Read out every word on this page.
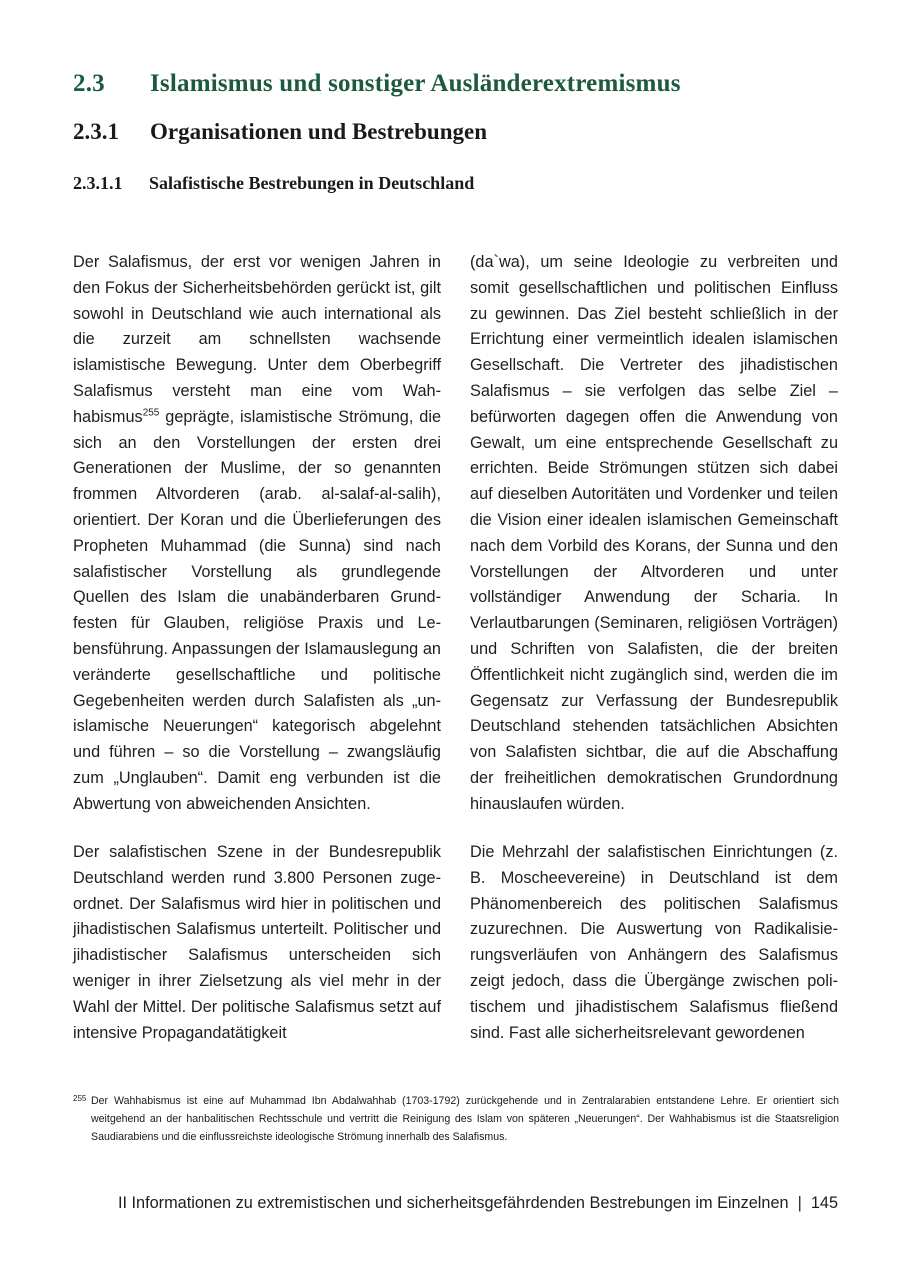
2.3 Islamismus und sonstiger Ausländerextremismus
2.3.1 Organisationen und Bestrebungen
2.3.1.1 Salafistische Bestrebungen in Deutschland

Der Salafismus, der erst vor wenigen Jahren in den Fokus der Sicherheitsbehörden gerückt ist, gilt sowohl in Deutschland wie auch international als die zurzeit am schnellsten wachsende islamistische Bewegung. Unter dem Oberbegriff Salafismus versteht man eine vom Wahhabismus$^{255}$ geprägte, islamistische Strömung, die sich an den Vorstellungen der ersten drei Generationen der Muslime, der so genannten frommen Altvorderen (arab. al-salaf-al-salih), orientiert. Der Koran und die Überlieferungen des Propheten Muhammad (die Sunna) sind nach salafistischer Vorstellung als grundlegende Quellen des Islam die unabänderbaren Grundfesten für Glauben, religiöse Praxis und Lebensführung. Anpassungen der Islamauslegung an veränderte gesellschaftliche und politische Gegebenheiten werden durch Salafisten als „unislamische Neuerungen“ kategorisch abgelehnt und führen – so die Vorstellung – zwangsläufig zum „Unglauben“. Damit eng verbunden ist die Abwertung von abweichenden Ansichten.

Der salafistischen Szene in der Bundesrepublik Deutschland werden rund 3.800 Personen zugeordnet. Der Salafismus wird hier in politischen und jihadistischen Salafismus unterteilt. Politischer und jihadistischer Salafismus unterscheiden sich weniger in ihrer Zielsetzung als viel mehr in der Wahl der Mittel. Der politische Salafismus setzt auf intensive Propagandatätigkeit

(da`wa), um seine Ideologie zu verbreiten und somit gesellschaftlichen und politischen Einfluss zu gewinnen. Das Ziel besteht schließlich in der Errichtung einer vermeintlich idealen islamischen Gesellschaft. Die Vertreter des jihadistischen Salafismus – sie verfolgen das selbe Ziel – befürworten dagegen offen die Anwendung von Gewalt, um eine entsprechende Gesellschaft zu errichten. Beide Strömungen stützen sich dabei auf dieselben Autoritäten und Vordenker und teilen die Vision einer idealen islamischen Gemeinschaft nach dem Vorbild des Korans, der Sunna und den Vorstellungen der Altvorderen und unter vollständiger Anwendung der Scharia. In Verlautbarungen (Seminaren, religiösen Vorträgen) und Schriften von Salafisten, die der breiten Öffentlichkeit nicht zugänglich sind, werden die im Gegensatz zur Verfassung der Bundesrepublik Deutschland stehenden tatsächlichen Absichten von Salafisten sichtbar, die auf die Abschaffung der freiheitlichen demokratischen Grundordnung hinauslaufen würden.

Die Mehrzahl der salafistischen Einrichtungen (z. B. Moscheevereine) in Deutschland ist dem Phänomenbereich des politischen Salafismus zuzurechnen. Die Auswertung von Radikalisierungsverläufen von Anhängern des Salafismus zeigt jedoch, dass die Übergänge zwischen politischem und jihadistischem Salafismus fließend sind. Fast alle sicherheitsrelevant gewordenen

255 Der Wahhabismus ist eine auf Muhammad Ibn Abdalwahhab (1703-1792) zurückgehende und in Zentralarabien entstandene Lehre. Er orientiert sich weitgehend an der hanbalitischen Rechtsschule und vertritt die Reinigung des Islam von späteren „Neuerungen“. Der Wahhabismus ist die Staatsreligion Saudiarabiens und die einflussreichste ideologische Strömung innerhalb des Salafismus.
II Informationen zu extremistischen und sicherheitsgefährdenden Bestrebungen im Einzelnen | 145
